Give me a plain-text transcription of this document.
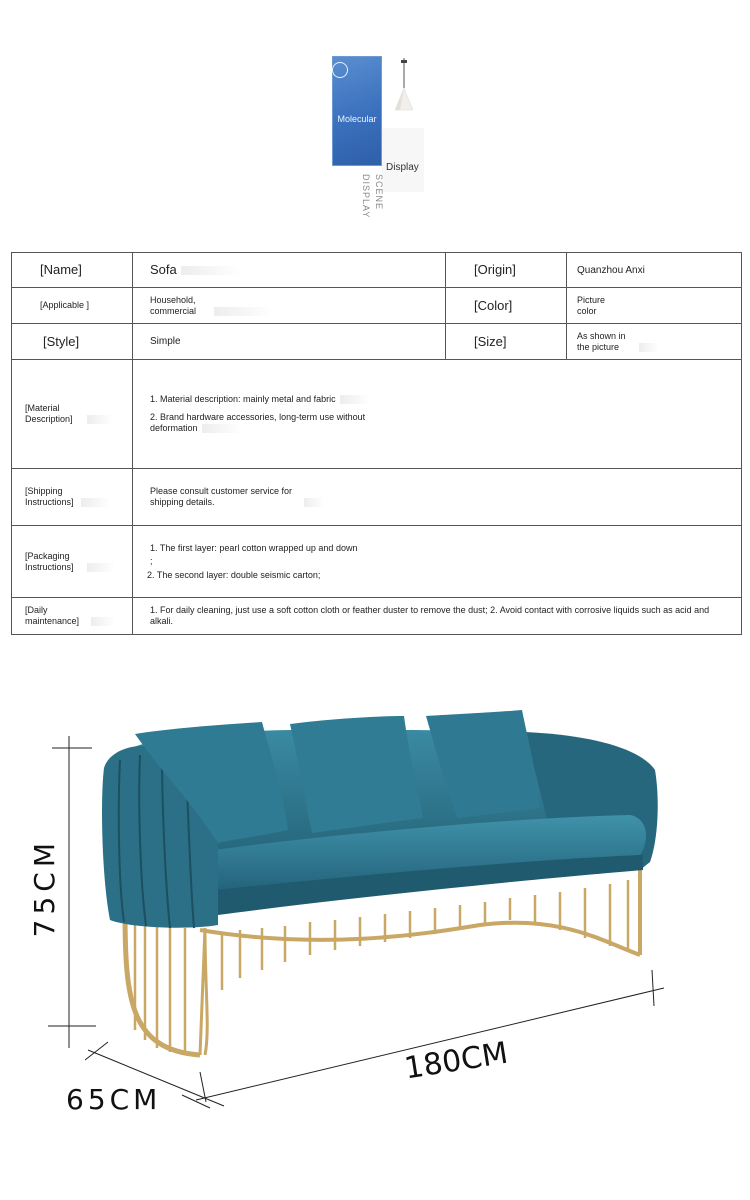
Molecular
Display
SCENE DISPLAY
[Name]	Sofa	[Origin]	Quanzhou Anxi
[Applicable ]	Household, commercial	[Color]	Picture color
[Style]	Simple	[Size]	As shown in the picture
[Material Description]	1. Material description: mainly metal and fabric
2. Brand hardware accessories, long-term use without deformation		

[Shipping Instructions]	Please consult customer service for shipping details.		
[Packaging Instructions]	1. The first layer: pearl cotton wrapped up and down
;
2. The second layer: double seismic carton;		

[Daily maintenance]	1. For daily cleaning, just use a soft cotton cloth or feather duster to remove the dust; 2. Avoid contact with corrosive liquids such as acid and alkali.		
75CM
65CM
180CM
